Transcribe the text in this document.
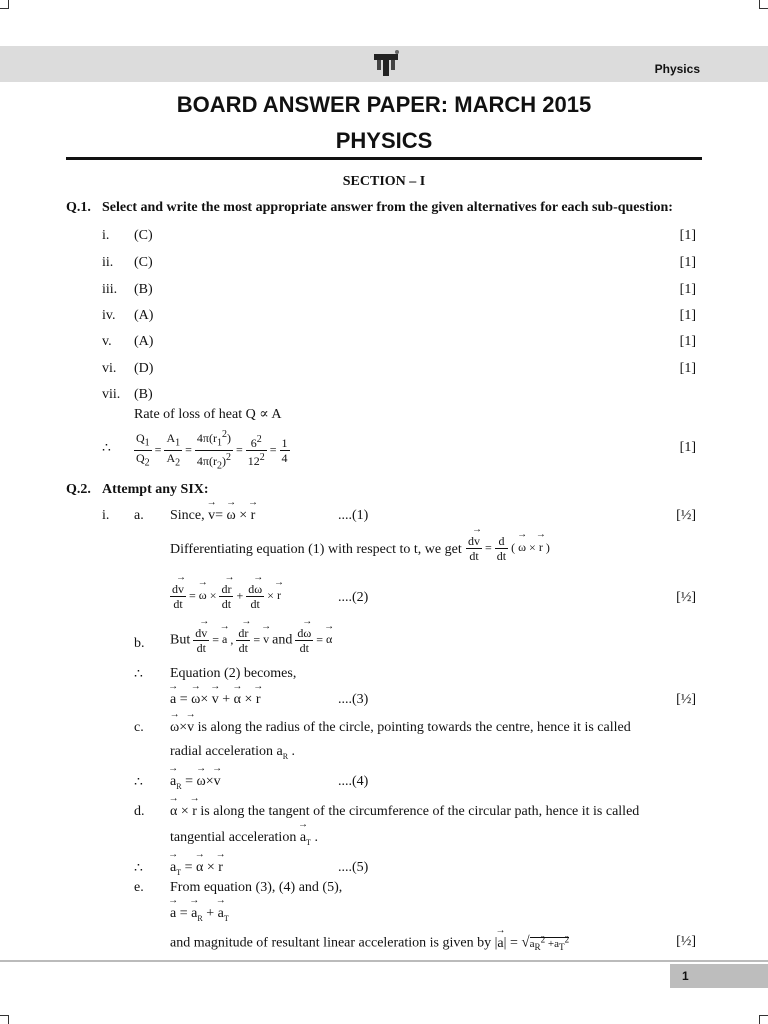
Physics
BOARD ANSWER PAPER: MARCH 2015
PHYSICS
SECTION – I
Q.1. Select and write the most appropriate answer from the given alternatives for each sub-question:
i. (C)	[1]
ii. (C)	[1]
iii. (B)	[1]
iv. (A)	[1]
v. (A)	[1]
vi. (D)	[1]
vii. (B)
Rate of loss of heat Q ∝ A
∴ $\frac{Q_1}{Q_2} = \frac{A_1}{A_2} = \frac{4\pi(r_1^2)}{4\pi(r_2)^2} = \frac{6^2}{12^2} = \frac{1}{4}$	[1]
Q.2. Attempt any SIX:
i. a. Since, → v= → ω × → r	....(1)	[½]
Differentiating equation (1) with respect to t, we get $\frac{d\to v}{dt} = \frac{d}{dt}$ ( → ω × → r )
$\frac{d\to v}{dt}$ = → $\omega \times \frac{d\to r}{dt} + \frac{d\to \omega}{dt}$ × → r	....(2)	[½]
b. But $\frac{d\to v}{dt}$ = → a , $\frac{d\to r}{dt}$ = → v and $\frac{d\to \omega}{dt}$ = → α
∴ Equation (2) becomes,
→ a = → ω× → v + → α × → r	....(3)	[½]
c. → ω×→ v is along the radius of the circle, pointing towards the centre, hence it is called
radial acceleration $a_R$ .
∴ → $a_R$ = → ω×→ v	....(4)
d. → α × → r is along the tangent of the circumference of the circular path, hence it is called
tangential acceleration → $a_T$ .
∴ → $a_T$ = → α × → r	....(5)
e. From equation (3), (4) and (5),
→ a = → $a_R$ + → $a_T$
and magnitude of resultant linear acceleration is given by |→ $a| = √a_R^2 +a_T^2$	[½]
1
